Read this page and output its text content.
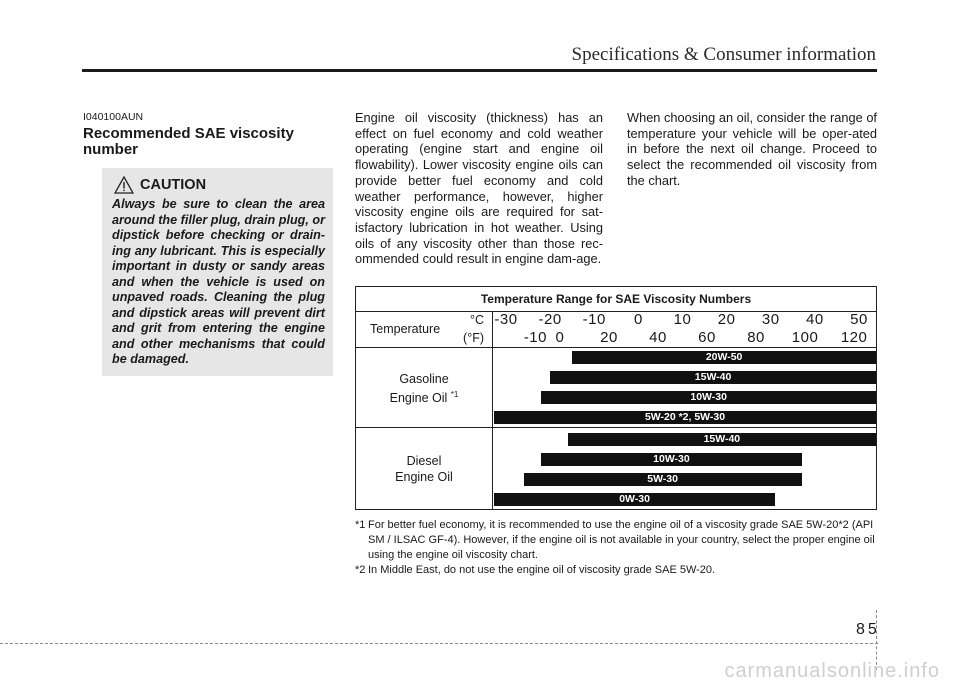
Specifications & Consumer information
I040100AUN
Recommended SAE viscosity number
CAUTION
Always be sure to clean the area around the filler plug, drain plug, or dipstick before checking or drain-ing any lubricant. This is especially important in dusty or sandy areas and when the vehicle is used on unpaved roads. Cleaning the plug and dipstick areas will prevent dirt and grit from entering the engine and other mechanisms that could be damaged.
Engine oil viscosity (thickness) has an effect on fuel economy and cold weather operating (engine start and engine oil flowability). Lower viscosity engine oils can provide better fuel economy and cold weather performance, however, higher viscosity engine oils are required for sat-isfactory lubrication in hot weather. Using oils of any viscosity other than those rec-ommended could result in engine dam-age.
When choosing an oil, consider the range of temperature your vehicle will be oper-ated in before the next oil change. Proceed to select the recommended oil viscosity from the chart.
Temperature Range for SAE Viscosity Numbers
Temperature
°C
(°F)
Gasoline
Engine Oil $^{*1}$
Diesel
Engine Oil
-30 -20 -10 0 10 20 30 40 50
-10 0 20 40 60 80 100 120
20W-50
15W-40
10W-30
5W-20 *2, 5W-30
15W-40
10W-30
5W-30
0W-30
*1 For better fuel economy, it is recommended to use the engine oil of a viscosity grade SAE 5W-20*2 (API SM / ILSAC GF-4). However, if the engine oil is not available in your country, select the proper engine oil using the engine oil viscosity chart.
*2 In Middle East, do not use the engine oil of viscosity grade SAE 5W-20.
85
carmanualsonline.info
